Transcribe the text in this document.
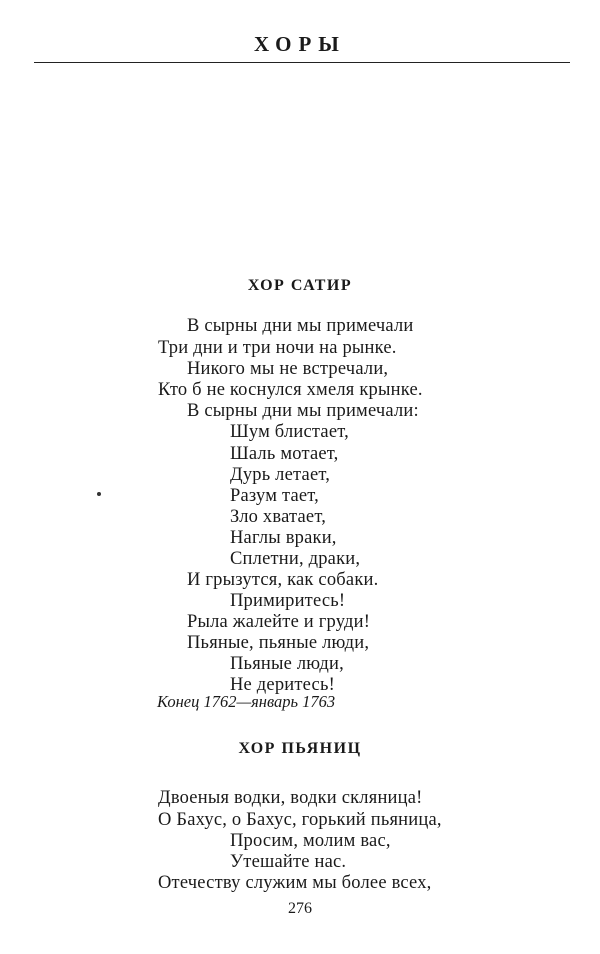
ХОРЫ
ХОР САТИР
В сырны дни мы примечали
Три дни и три ночи на рынке.
Никого мы не встречали,
Кто б не коснулся хмеля крынке.
В сырны дни мы примечали:
Шум блистает,
Шаль мотает,
Дурь летает,
Разум тает,
Зло хватает,
Наглы враки,
Сплетни, драки,
И грызутся, как собаки.
Примиритесь!
Рыла жалейте и груди!
Пьяные, пьяные люди,
Пьяные люди,
Не деритесь!
Конец 1762—январь 1763
ХОР ПЬЯНИЦ
Двоеныя водки, водки скляница!
О Бахус, о Бахус, горький пьяница,
Просим, молим вас,
Утешайте нас.
Отечеству служим мы более всех,
276
